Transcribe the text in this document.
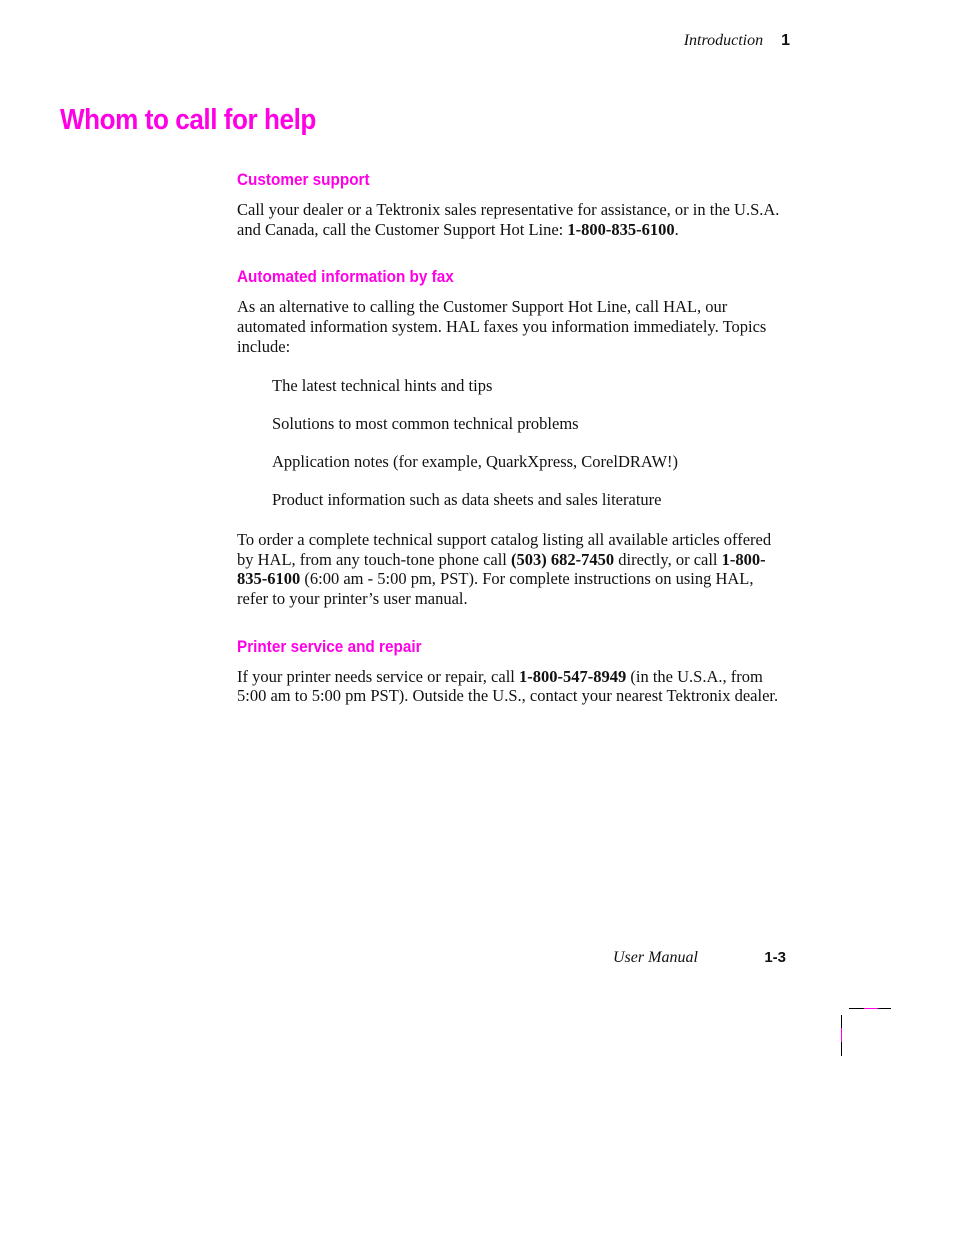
Introduction 1
Whom to call for help
Customer support

Call your dealer or a Tektronix sales representative for assistance, or in the U.S.A. and Canada, call the Customer Support Hot Line: 1-800-835-6100.

Automated information by fax

As an alternative to calling the Customer Support Hot Line, call HAL, our automated information system. HAL faxes you information immediately. Topics include:

The latest technical hints and tips
Solutions to most common technical problems
Application notes (for example, QuarkXpress, CorelDRAW!)
Product information such as data sheets and sales literature

To order a complete technical support catalog listing all available articles offered by HAL, from any touch-tone phone call (503) 682-7450 directly, or call 1-800-835-6100 (6:00 am - 5:00 pm, PST). For complete instructions on using HAL, refer to your printer’s user manual.

Printer service and repair

If your printer needs service or repair, call 1-800-547-8949 (in the U.S.A., from 5:00 am to 5:00 pm PST). Outside the U.S., contact your nearest Tektronix dealer.

User Manual	1-3
